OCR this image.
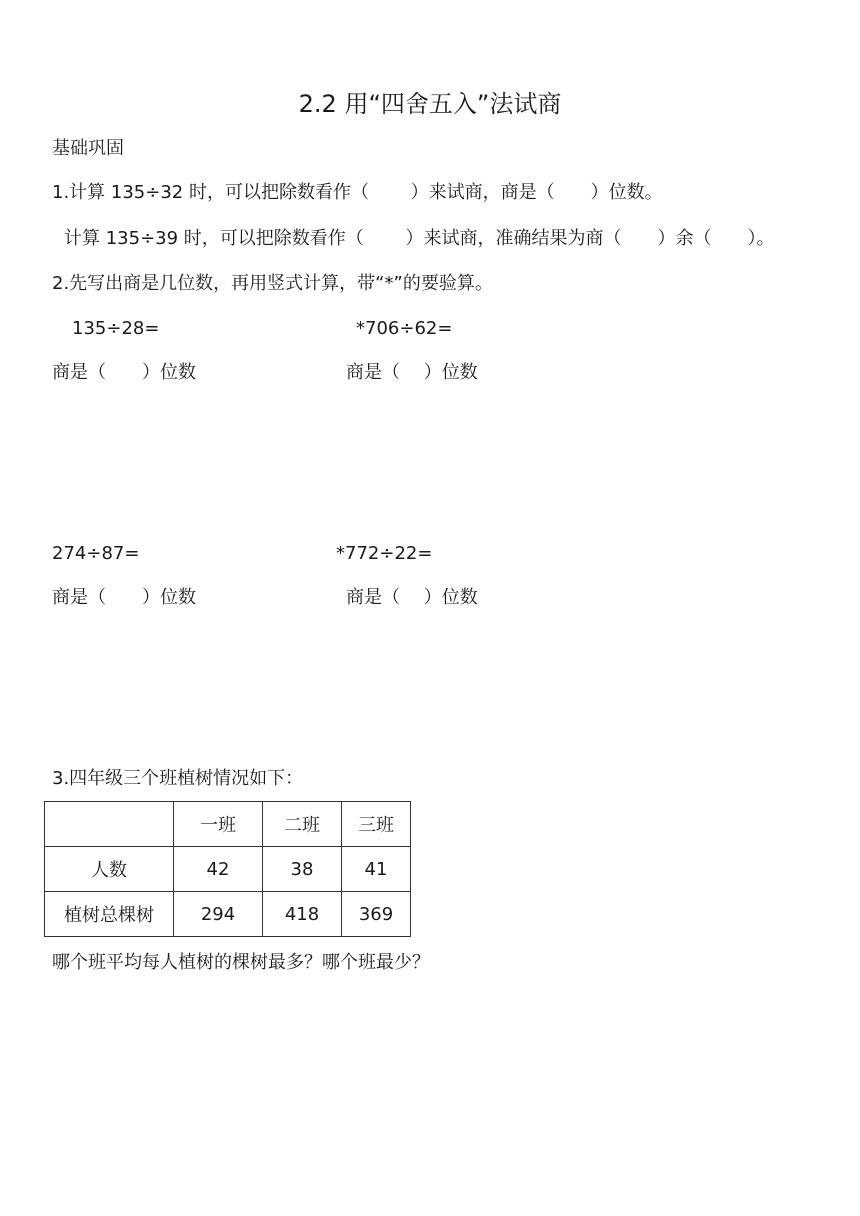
2.2 用“四舍五入”法试商
基础巩固
1.计算 135÷32 时，可以把除数看作（　　 ）来试商，商是（　　）位数。
计算 135÷39 时，可以把除数看作（　　 ）来试商，准确结果为商（　　）余（　　）。
2.先写出商是几位数，再用竖式计算，带“*”的要验算。
135÷28=	*706÷62=
商是（　　）位数	商是（　 ）位数
274÷87=	*772÷22=
商是（　　）位数	商是（　 ）位数
3.四年级三个班植树情况如下：
	一班	二班	三班
人数	42	38	41
植树总棵树	294	418	369
哪个班平均每人植树的棵树最多？哪个班最少？
